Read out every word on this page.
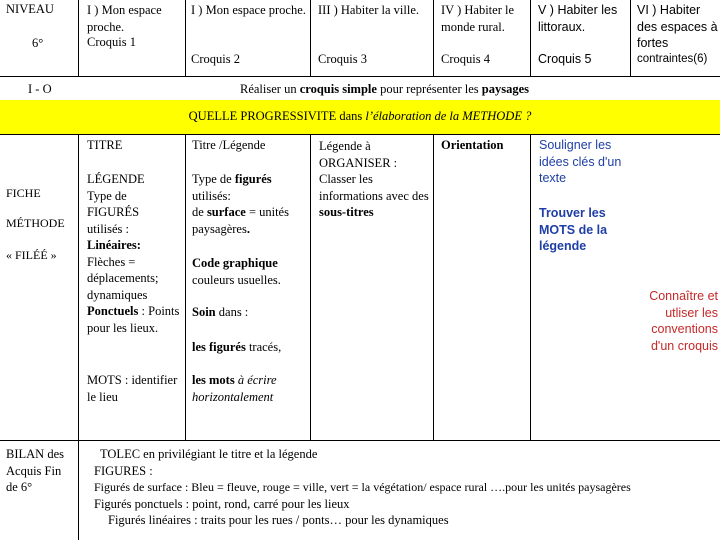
NIVEAU
6°
I ) Mon espace proche.
Croquis 1
I ) Mon espace proche.
Croquis 2
III ) Habiter la ville.
Croquis 3
IV ) Habiter le monde rural.
Croquis 4
V ) Habiter les littoraux.
Croquis 5
VI ) Habiter des espaces à fortes
contraintes(6)
I - O	Réaliser un croquis simple pour représenter les paysages
QUELLE PROGRESSIVITE dans l’élaboration de la METHODE ?
FICHE
MÉTHODE
« FILÉÉ »
TITRE
LÉGENDE
Type de
FIGURÉS
utilisés :
Linéaires:
Flèches = déplacements; dynamiques
Ponctuels : Points pour les lieux.
MOTS : identifier le lieu
Titre /Légende
Type de figurés utilisés:
de surface = unités paysagères.
Code graphique
couleurs usuelles.
Soin dans :
les figurés tracés,
les mots à écrire horizontalement
Légende à ORGANISER :
Classer les informations avec des sous-titres
Orientation	Souligner les idées clés d'un texte
Trouver les MOTS de la légende
Connaître et utliser les conventions d'un croquis
BILAN des Acquis Fin de 6°
TOLEC en privilégiant le titre et la légende
FIGURES :
Figurés de surface : Bleu = fleuve, rouge = ville, vert = la végétation/ espace rural ….pour les unités paysagères
Figurés ponctuels : point, rond, carré pour les lieux
Figurés linéaires : traits pour les rues / ponts… pour les dynamiques
